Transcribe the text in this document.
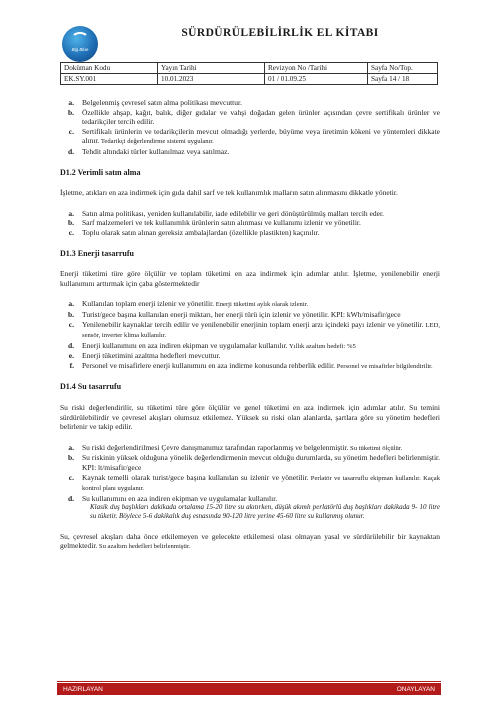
Big Blue
SÜRDÜRÜLEBİLİRLİK EL KİTABI
Doküman Kodu	Yayın Tarihi	Revizyon No /Tarihi	Sayfa No/Top.
EK.SY.001	10.01.2023	01 / 01.09.25	Sayfa 14 / 18
a.	Belgelenmiş çevresel satın alma politikası mevcuttur.
b.	Özellikle ahşap, kağıt, balık, diğer gıdalar ve vahşi doğadan gelen ürünler açısından çevre sertifikalı ürünler ve tedarikçiler tercih edilir.
c.	Sertifikalı ürünlerin ve tedarikçilerin mevcut olmadığı yerlerde, büyüme veya üretimin kökeni ve yöntemleri dikkate alınır. Tedarikçi değerlendirme sistemi uygulanır.
d.	Tehdit altındaki türler kullanılmaz veya satılmaz.
D1.2 Verimli satın alma

İşletme, atıkları en aza indirmek için gıda dahil sarf ve tek kullanımlık malların satın alınmasını dikkatle yönetir.

a.	Satın alma politikası, yeniden kullanılabilir, iade edilebilir ve geri dönüştürülmüş malları tercih eder.
b.	Sarf malzemeleri ve tek kullanımlık ürünlerin satın alınması ve kullanımı izlenir ve yönetilir.
c.	Toplu olarak satın alınan gereksiz ambalajlardan (özellikle plastikten) kaçınılır.
D1.3 Enerji tasarrufu

Enerji tüketimi türe göre ölçülür ve toplam tüketimi en aza indirmek için adımlar atılır. İşletme, yenilenebilir enerji kullanımını arttırmak için çaba göstermektedir

a.	Kullanılan toplam enerji izlenir ve yönetilir. Enerji tüketimi aylık olarak izlenir.
b.	Turist/gece başına kullanılan enerji miktarı, her enerji türü için izlenir ve yönetilir. KPI: kWh/misafir/gece
c.	Yenilenebilir kaynaklar tercih edilir ve yenilenebilir enerjinin toplam enerji arzı içindeki payı izlenir ve yönetilir. LED, sensör, inverter klima kullanılır.
d.	Enerji kullanımını en aza indiren ekipman ve uygulamalar kullanılır. Yıllık azaltım hedefi: %5
e.	Enerji tüketimini azaltma hedefleri mevcuttur.
f.	Personel ve misafirlere enerji kullanımını en aza indirme konusunda rehberlik edilir. Personel ve misafirler bilgilendirilir.
D1.4 Su tasarrufu

Su riski değerlendirilir, su tüketimi türe göre ölçülür ve genel tüketimi en aza indirmek için adımlar atılır. Su temini sürdürülebilirdir ve çevresel akışları olumsuz etkilemez. Yüksek su riski olan alanlarda, şartlara göre su yönetim hedefleri belirlenir ve takip edilir.

a.	Su riski değerlendirilmesi Çevre danışmanımız tarafından raporlanmış ve belgelenmiştir. Su tüketimi ölçülür.
b.	Su riskinin yüksek olduğuna yönelik değerlendirmenin mevcut olduğu durumlarda, su yönetim hedefleri belirlenmiştir. KPI: lt/misafir/gece
c.	Kaynak temelli olarak turist/gece başına kullanılan su izlenir ve yönetilir. Perlatör ve tasarruflu ekipman kullanılır. Kaçak kontrol planı uygulanır.
d.	Su kullanımını en aza indiren ekipman ve uygulamalar kullanılır.
Klasik duş başlıkları dakikada ortalama 15-20 litre su akıtırken, düşük akımlı perlatörlü duş başlıkları dakikada 9- 10 litre su tüketir. Böylece 5-6 dakikalık duş esnasında 90-120 litre yerine 45-60 litre su kullanmış olunur.

Su, çevresel akışları daha önce etkilemeyen ve gelecekte etkilemesi olası olmayan yasal ve sürdürülebilir bir kaynaktan gelmektedir. Su azaltım hedefleri belirlenmiştir.

HAZIRLAYAN	ONAYLAYAN
